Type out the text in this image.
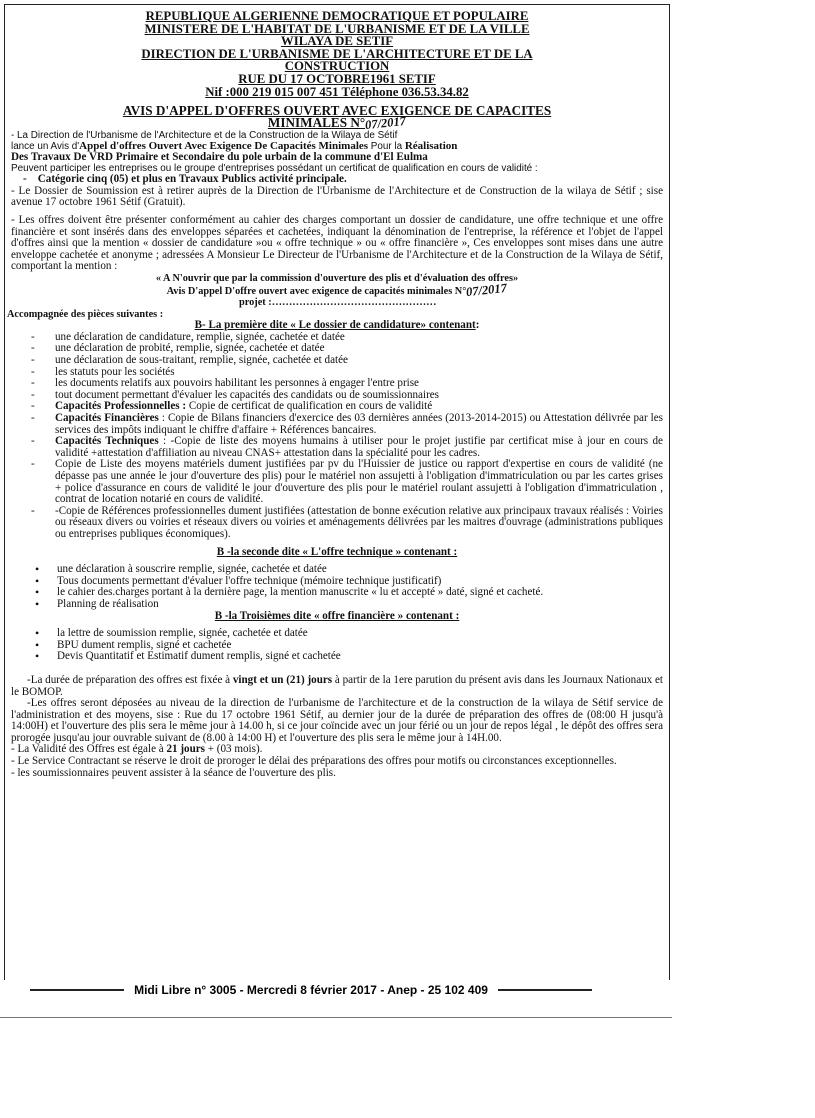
REPUBLIQUE ALGERIENNE DEMOCRATIQUE ET POPULAIRE
MINISTERE DE L'HABITAT DE L'URBANISME ET DE LA VILLE
WILAYA DE SETIF
DIRECTION DE L'URBANISME DE L'ARCHITECTURE ET DE LA
CONSTRUCTION
RUE DU 17 OCTOBRE1961 SETIF
Nif :000 219 015 007 451 Téléphone 036.53.34.82
AVIS D'APPEL D'OFFRES OUVERT AVEC EXIGENCE DE CAPACITES
MINIMALES N°07/2017
- La Direction de l'Urbanisme de l'Architecture et de la Construction de la Wilaya de Sétif
lance un Avis d'Appel d'offres Ouvert Avec Exigence De Capacités Minimales Pour la Réalisation
Des Travaux De VRD Primaire et Secondaire du pole urbain de la commune d'El Eulma
Peuvent participer les entreprises ou le groupe d'entreprises possédant un certificat de qualification en cours de validité :
-    Catégorie cinq (05) et plus en Travaux Publics activité principale.
- Le Dossier de Soumission est à retirer auprès de la Direction de l'Urbanisme de l'Architecture et de Construction de la wilaya de Sétif ; sise avenue 17 octobre 1961 Sétif (Gratuit).
- Les offres doivent être présenter conformément au cahier des charges comportant un dossier de candidature, une offre technique et une offre financière et sont insérés dans des enveloppes séparées et cachetées, indiquant la dénomination de l'entreprise, la référence et l'objet de l'appel d'offres ainsi que la mention « dossier de candidature »ou « offre technique » ou « offre financière », Ces enveloppes sont mises dans une autre enveloppe cachetée et anonyme ; adressées A Monsieur Le Directeur de l'Urbanisme de l'Architecture et de la Construction de la Wilaya de Sétif, comportant la mention :
« A N'ouvrir que par la commission d'ouverture des plis et d'évaluation des offres»
Avis D'appel D'offre ouvert avec exigence de capacités minimales N°07/2017
projet :…………………………………………
Accompagnée des pièces suivantes :
B- La première dite « Le dossier de candidature» contenant:
- une déclaration de candidature, remplie, signée, cachetée et datée
- une déclaration de probité, remplie, signée, cachetée et datée
- une déclaration de sous-traitant, remplie, signée, cachetée et datée
- les statuts pour les sociétés
- les documents relatifs aux pouvoirs habilitant les personnes à engager l'entre prise
- tout document permettant d'évaluer les capacités des candidats ou de soumissionnaires
- Capacités Professionnelles : Copie de certificat de qualification en cours de validité
- Capacités Financières : Copie de Bilans financiers d'exercice des 03 dernières années (2013-2014-2015) ou Attestation délivrée par les services des impôts indiquant le chiffre d'affaire + Références bancaires.
- Capacités Techniques : -Copie de liste des moyens humains à utiliser pour le projet justifie par certificat mise à jour en cours de validité +attestation d'affiliation au niveau CNAS+ attestation dans la spécialité pour les cadres.
- Copie de Liste des moyens matériels dument justifiées par pv du l'Huissier de justice ou rapport d'expertise en cours de validité (ne dépasse pas une année le jour d'ouverture des plis) pour le matériel non assujetti à l'obligation d'immatriculation ou par les cartes grises + police d'assurance en cours de validité le jour d'ouverture des plis pour le matériel roulant assujetti à l'obligation d'immatriculation , contrat de location notarié en cours de validité.
- -Copie de Références professionnelles dument justifiées (attestation de bonne exécution relative aux principaux travaux réalisés : Voiries ou réseaux divers ou voiries et réseaux divers ou voiries et aménagements délivrées par les maitres d'ouvrage (administrations publiques ou entreprises publiques économiques).
B -la seconde dite « L'offre technique » contenant :
• une déclaration à souscrire remplie, signée, cachetée et datée
• Tous documents permettant d'évaluer l'offre technique (mémoire technique justificatif)
• le cahier des.charges portant à la dernière page, la mention manuscrite « lu et accepté » daté, signé et cacheté.
• Planning de réalisation
B -la Troisièmes dite « offre financière » contenant :
• la lettre de soumission remplie, signée, cachetée et datée
• BPU dument remplis, signé et cachetée
• Devis Quantitatif et Estimatif dument remplis, signé et cachetée
-La durée de préparation des offres est fixée à vingt et un (21) jours à partir de la 1ere parution du présent avis dans les Journaux Nationaux et le BOMOP.
-Les offres seront déposées au niveau de la direction de l'urbanisme de l'architecture et de la construction de la wilaya de Sétif service de l'administration et des moyens, sise : Rue du 17 octobre 1961 Sétif, au dernier jour de la durée de préparation des offres de (08:00 H jusqu'à 14:00H) et l'ouverture des plis sera le même jour à 14.00 h, si ce jour coïncide avec un jour férié ou un jour de repos légal , le dépôt des offres sera prorogée jusqu'au jour ouvrable suivant de (8.00 à 14:00 H) et l'ouverture des plis sera le même jour à 14H.00.
- La Validité des Offres est égale à 21 jours + (03 mois).
- Le Service Contractant se réserve le droit de proroger le délai des préparations des offres pour motifs ou circonstances exceptionnelles.
- les soumissionnaires peuvent assister à la séance de l'ouverture des plis.
Midi Libre n° 3005 - Mercredi 8 février 2017 - Anep - 25 102 409
